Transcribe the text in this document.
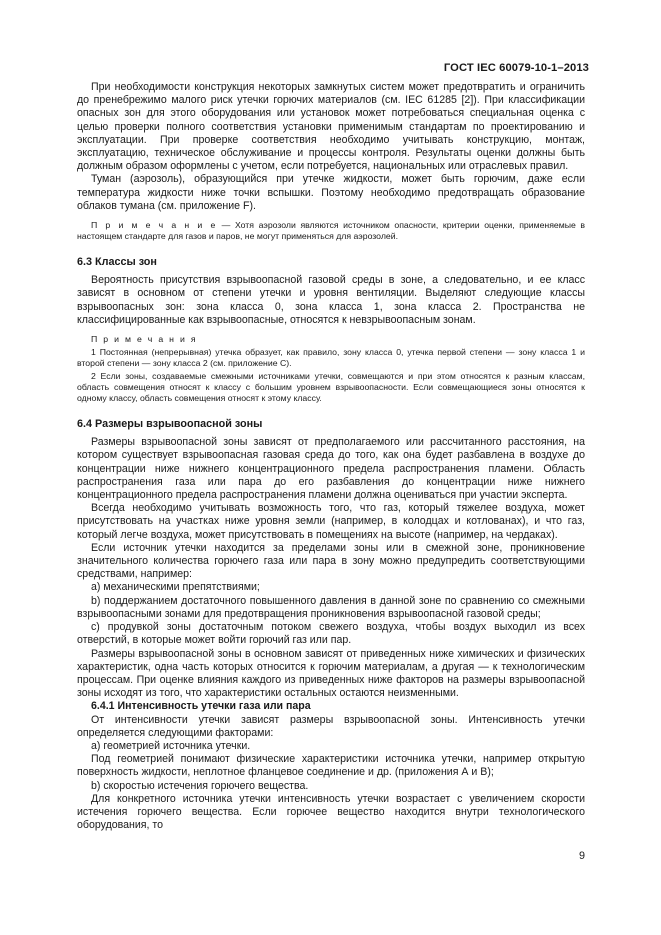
ГОСТ IEC 60079-10-1–2013

При необходимости конструкция некоторых замкнутых систем может предотвратить и ограничить до пренебрежимо малого риск утечки горючих материалов (см. IEC 61285 [2]). При классификации опасных зон для этого оборудования или установок может потребоваться специальная оценка с целью проверки полного соответствия установки применимым стандартам по проектированию и эксплуатации. При проверке соответствия необходимо учитывать конструкцию, монтаж, эксплуатацию, техническое обслуживание и процессы контроля. Результаты оценки должны быть должным образом оформлены с учетом, если потребуется, национальных или отраслевых правил.

Туман (аэрозоль), образующийся при утечке жидкости, может быть горючим, даже если температура жидкости ниже точки вспышки. Поэтому необходимо предотвращать образование облаков тумана (см. приложение F).

П р и м е ч а н и е — Хотя аэрозоли являются источником опасности, критерии оценки, применяемые в настоящем стандарте для газов и паров, не могут применяться для аэрозолей.

6.3 Классы зон

Вероятность присутствия взрывоопасной газовой среды в зоне, а следовательно, и ее класс зависят в основном от степени утечки и уровня вентиляции. Выделяют следующие классы взрывоопасных зон: зона класса 0, зона класса 1, зона класса 2. Пространства не классифицированные как взрывоопасные, относятся к невзрывоопасным зонам.

П р и м е ч а н и я

1 Постоянная (непрерывная) утечка образует, как правило, зону класса 0, утечка первой степени — зону класса 1 и второй степени — зону класса 2 (см. приложение С).

2 Если зоны, создаваемые смежными источниками утечки, совмещаются и при этом относятся к разным классам, область совмещения относят к классу с большим уровнем взрывоопасности. Если совмещающиеся зоны относятся к одному классу, область совмещения относят к этому классу.

6.4 Размеры взрывоопасной зоны

Размеры взрывоопасной зоны зависят от предполагаемого или рассчитанного расстояния, на котором существует взрывоопасная газовая среда до того, как она будет разбавлена в воздухе до концентрации ниже нижнего концентрационного предела распространения пламени. Область распространения газа или пара до его разбавления до концентрации ниже нижнего концентрационного предела распространения пламени должна оцениваться при участии эксперта.

Всегда необходимо учитывать возможность того, что газ, который тяжелее воздуха, может присутствовать на участках ниже уровня земли (например, в колодцах и котлованах), и что газ, который легче воздуха, может присутствовать в помещениях на высоте (например, на чердаках).

Если источник утечки находится за пределами зоны или в смежной зоне, проникновение значительного количества горючего газа или пара в зону можно предупредить соответствующими средствами, например:

а) механическими препятствиями;

b) поддержанием достаточного повышенного давления в данной зоне по сравнению со смежными взрывоопасными зонами для предотвращения проникновения взрывоопасной газовой среды;

с) продувкой зоны достаточным потоком свежего воздуха, чтобы воздух выходил из всех отверстий, в которые может войти горючий газ или пар.

Размеры взрывоопасной зоны в основном зависят от приведенных ниже химических и физических характеристик, одна часть которых относится к горючим материалам, а другая — к технологическим процессам. При оценке влияния каждого из приведенных ниже факторов на размеры взрывоопасной зоны исходят из того, что характеристики остальных остаются неизменными.

6.4.1 Интенсивность утечки газа или пара

От интенсивности утечки зависят размеры взрывоопасной зоны. Интенсивность утечки определяется следующими факторами:

а) геометрией источника утечки.

Под геометрией понимают физические характеристики источника утечки, например открытую поверхность жидкости, неплотное фланцевое соединение и др. (приложения А и В);

b) скоростью истечения горючего вещества.

Для конкретного источника утечки интенсивность утечки возрастает с увеличением скорости истечения горючего вещества. Если горючее вещество находится внутри технологического оборудования, то

9
